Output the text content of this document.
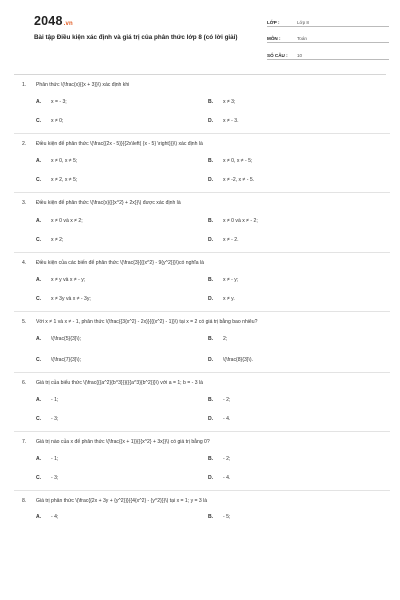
2048.vn
Bài tập Điều kiện xác định và giá trị của phân thức lớp 8 (có lời giải)
LỚP :	Lớp 8
MÔN :	Toán
SỐ CÂU :	10
1.	Phân thức \(\frac{x}{{x + 3}}\) xác định khi
A.	x = - 3;	B.	x ≠ 3;
C.	x ≠ 0;	D.	x ≠ - 3.
2.	Điều kiện để phân thức \(\frac{{2x - 5}}{{2x\left( {x - 5} \right)}}\) xác định là
A.	x ≠ 0, x ≠ 5;	B.	x ≠ 0, x ≠ - 5;
C.	x ≠ 2, x ≠ 5;	D.	x ≠ -2, x ≠ - 5.
3.	Điều kiện để phân thức \(\frac{x}{{{x^2} + 2x}}\) được xác định là
A.	x ≠ 0 và x ≠ 2;	B.	x ≠ 0 và x ≠ - 2;
C.	x ≠ 2;	D.	x ≠ - 2.
4.	Điều kiện của các biến để phân thức \(\frac{3}{{{x^2} - 9{y^2}}}\)có nghĩa là
A.	x ≠ y và x ≠ - y;	B.	x ≠ - y;
C.	x ≠ 3y và x ≠ - 3y;	D.	x ≠ y.
5.	Với x ≠ 1 và x ≠ - 1, phân thức \(\frac{{3{x^2} - 2x}}{{{x^2} - 1}}\) tại x = 2 có giá trị bằng bao nhiêu?
A.	\(\frac{5}{3}\);	B.	2;
C.	\(\frac{7}{3}\);	D.	\(\frac{8}{3}\).
6.	Giá trị của biểu thức \(\frac{{{a^2}{b^3}}}{{{a^3}{b^2}}}\) với a = 1; b = - 3 là
A.	- 1;	B.	- 2;
C.	- 3;	D.	- 4.
7.	Giá trị nào của x để phân thức \(\frac{{x + 1}}{{{x^2} + 3x}}\) có giá trị bằng 0?
A.	- 1;	B.	- 2;
C.	- 3;	D.	- 4.
8.	Giá trị phân thức \(\frac{{2x + 3y + {y^2}}}{{4{x^2} - {y^2}}}\) tại x = 1; y = 3 là
A.	- 4;	B.	- 5;
